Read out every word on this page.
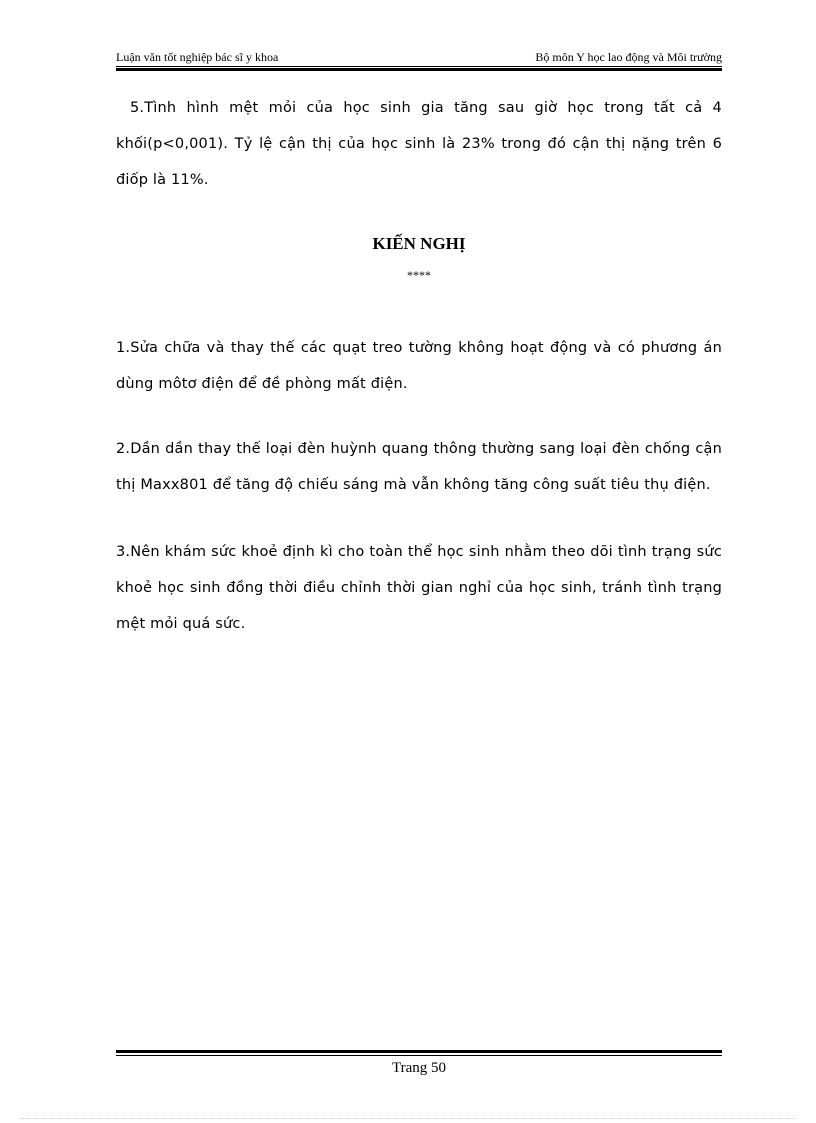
Luận văn tốt nghiệp bác sĩ y khoa	Bộ môn Y học lao động và Môi trường
5.Tình hình mệt mỏi của học sinh gia tăng sau giờ học trong tất cả 4 khối(p<0,001). Tỷ lệ cận thị của học sinh là 23% trong đó cận thị nặng trên 6 điốp là 11%.
KIẾN NGHỊ
****
1.Sửa chữa và thay thế các quạt treo tường không hoạt động và có phương án dùng môtơ điện để đề phòng mất điện.
2.Dần dần thay thế loại đèn huỳnh quang thông thường sang loại đèn chống cận thị Maxx801 để tăng độ chiếu sáng mà vẫn không tăng công suất tiêu thụ điện.
3.Nên khám sức khoẻ định kì cho toàn thể học sinh nhằm theo dõi tình trạng sức khoẻ học sinh đồng thời điều chỉnh thời gian nghỉ của học sinh, tránh tình trạng mệt mỏi quá sức.
Trang 50
